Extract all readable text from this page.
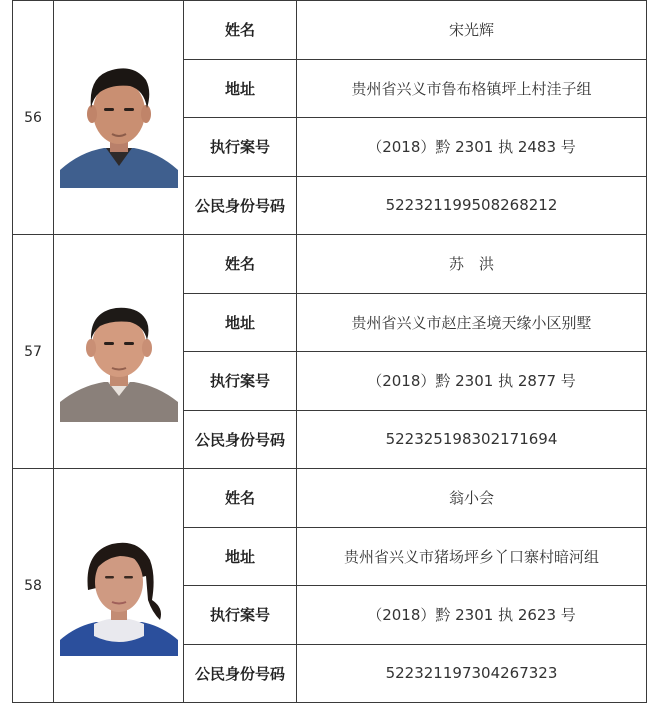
56		姓名	宋光辉
		地址	贵州省兴义市鲁布格镇坪上村洼子组
		执行案号	（2018）黔 2301 执 2483 号
		公民身份号码	522321199508268212
57		姓名	苏　洪
		地址	贵州省兴义市赵庄圣境天缘小区别墅
		执行案号	（2018）黔 2301 执 2877 号
		公民身份号码	522325198302171694
58		姓名	翁小会
		地址	贵州省兴义市猪场坪乡丫口寨村暗河组
		执行案号	（2018）黔 2301 执 2623 号
		公民身份号码	522321197304267323
